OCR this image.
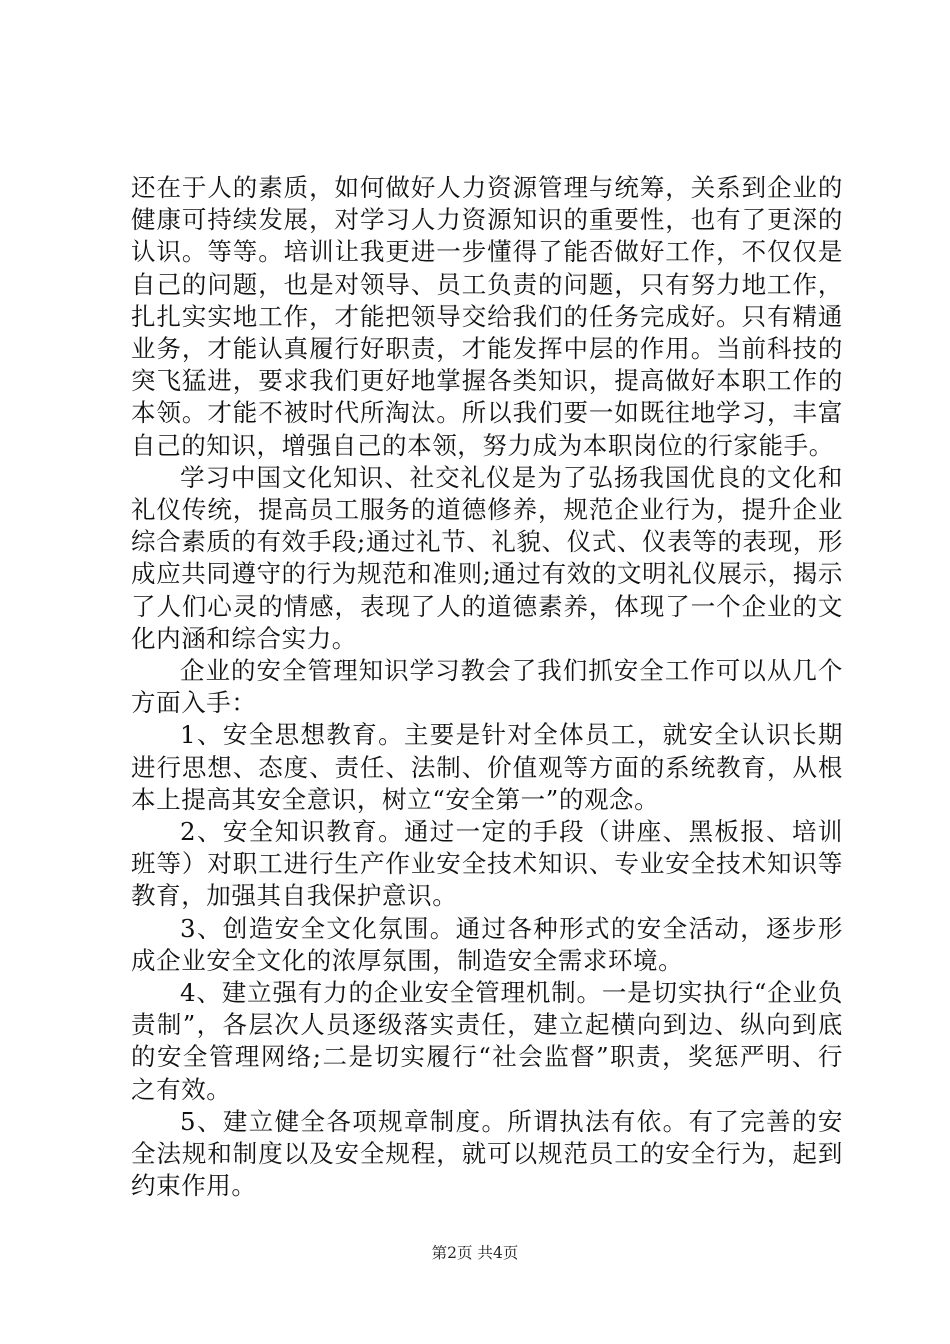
还在于人的素质，如何做好人力资源管理与统筹，关系到企业的健康可持续发展，对学习人力资源知识的重要性，也有了更深的认识。等等。培训让我更进一步懂得了能否做好工作，不仅仅是自己的问题，也是对领导、员工负责的问题，只有努力地工作，扎扎实实地工作，才能把领导交给我们的任务完成好。只有精通业务，才能认真履行好职责，才能发挥中层的作用。当前科技的突飞猛进，要求我们更好地掌握各类知识，提高做好本职工作的本领。才能不被时代所淘汰。所以我们要一如既往地学习，丰富自己的知识，增强自己的本领，努力成为本职岗位的行家能手。

学习中国文化知识、社交礼仪是为了弘扬我国优良的文化和礼仪传统，提高员工服务的道德修养，规范企业行为，提升企业综合素质的有效手段;通过礼节、礼貌、仪式、仪表等的表现，形成应共同遵守的行为规范和准则;通过有效的文明礼仪展示，揭示了人们心灵的情感，表现了人的道德素养，体现了一个企业的文化内涵和综合实力。

企业的安全管理知识学习教会了我们抓安全工作可以从几个方面入手：

1、安全思想教育。主要是针对全体员工，就安全认识长期进行思想、态度、责任、法制、价值观等方面的系统教育，从根本上提高其安全意识，树立“安全第一”的观念。

2、安全知识教育。通过一定的手段（讲座、黑板报、培训班等）对职工进行生产作业安全技术知识、专业安全技术知识等教育，加强其自我保护意识。

3、创造安全文化氛围。通过各种形式的安全活动，逐步形成企业安全文化的浓厚氛围，制造安全需求环境。

4、建立强有力的企业安全管理机制。一是切实执行“企业负责制”，各层次人员逐级落实责任，建立起横向到边、纵向到底的安全管理网络;二是切实履行“社会监督”职责，奖惩严明、行之有效。

5、建立健全各项规章制度。所谓执法有依。有了完善的安全法规和制度以及安全规程，就可以规范员工的安全行为，起到约束作用。

第2页 共4页
